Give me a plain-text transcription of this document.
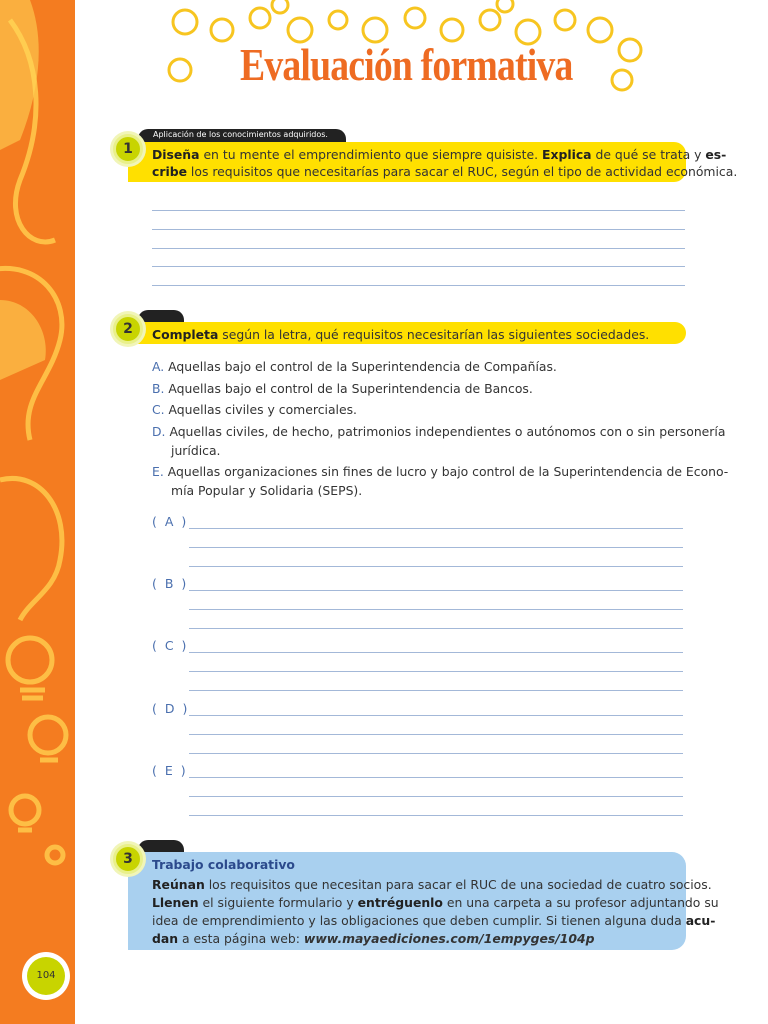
104
Evaluación formativa
Aplicación de los conocimientos adquiridos.
1	Diseña en tu mente el emprendimiento que siempre quisiste. Explica de qué se trata y es-
cribe los requisitos que necesitarías para sacar el RUC, según el tipo de actividad económica.
2	Completa según la letra, qué requisitos necesitarían las siguientes sociedades.
A. Aquellas bajo el control de la Superintendencia de Compañías.
B. Aquellas bajo el control de la Superintendencia de Bancos.
C. Aquellas civiles y comerciales.
D. Aquellas civiles, de hecho, patrimonios independientes o autónomos con o sin personería
jurídica.
E. Aquellas organizaciones sin fines de lucro y bajo control de la Superintendencia de Econo-
mía Popular y Solidaria (SEPS).
( A )
( B )
( C )
( D )
( E )
3	Trabajo colaborativo
Reúnan los requisitos que necesitan para sacar el RUC de una sociedad de cuatro socios.
Llenen el siguiente formulario y entréguenlo en una carpeta a su profesor adjuntando su
idea de emprendimiento y las obligaciones que deben cumplir. Si tienen alguna duda acu-
dan a esta página web: www.mayaediciones.com/1empyges/104p
